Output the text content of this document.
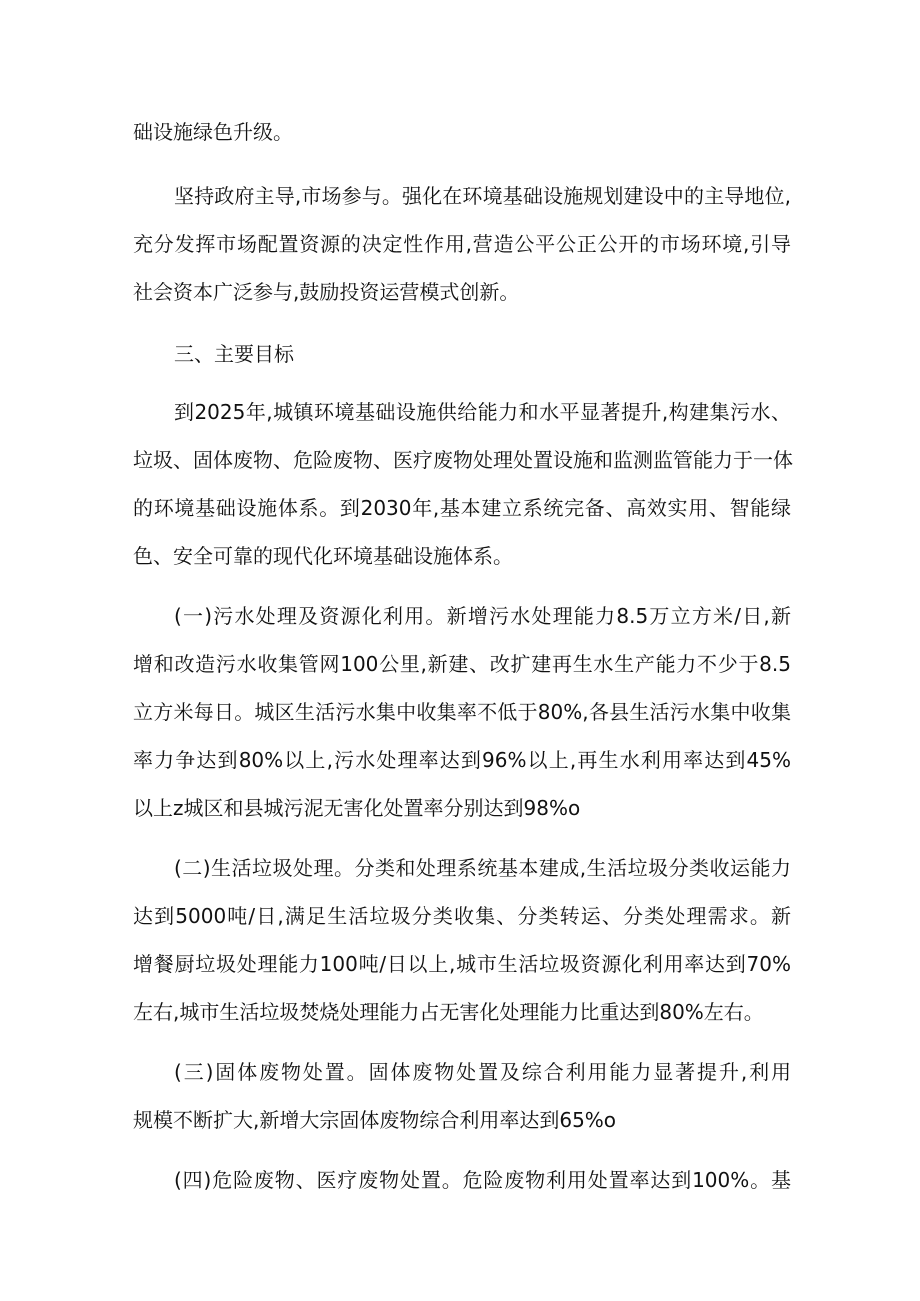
础设施绿色升级。
坚持政府主导,市场参与。强化在环境基础设施规划建设中的主导地位,
充分发挥市场配置资源的决定性作用,营造公平公正公开的市场环境,引导
社会资本广泛参与,鼓励投资运营模式创新。
三、主要目标
到2025年,城镇环境基础设施供给能力和水平显著提升,构建集污水、
垃圾、固体废物、危险废物、医疗废物处理处置设施和监测监管能力于一体
的环境基础设施体系。到2030年,基本建立系统完备、高效实用、智能绿
色、安全可靠的现代化环境基础设施体系。
(一)污水处理及资源化利用。新增污水处理能力8.5万立方米/日,新
增和改造污水收集管网100公里,新建、改扩建再生水生产能力不少于8.5
立方米每日。城区生活污水集中收集率不低于80%,各县生活污水集中收集
率力争达到80%以上,污水处理率达到96%以上,再生水利用率达到45%
以上z城区和县城污泥无害化处置率分别达到98%o
(二)生活垃圾处理。分类和处理系统基本建成,生活垃圾分类收运能力
达到5000吨/日,满足生活垃圾分类收集、分类转运、分类处理需求。新
增餐厨垃圾处理能力100吨/日以上,城市生活垃圾资源化利用率达到70%
左右,城市生活垃圾焚烧处理能力占无害化处理能力比重达到80%左右。
(三)固体废物处置。固体废物处置及综合利用能力显著提升,利用
规模不断扩大,新增大宗固体废物综合利用率达到65%o
(四)危险废物、医疗废物处置。危险废物利用处置率达到100%。基
